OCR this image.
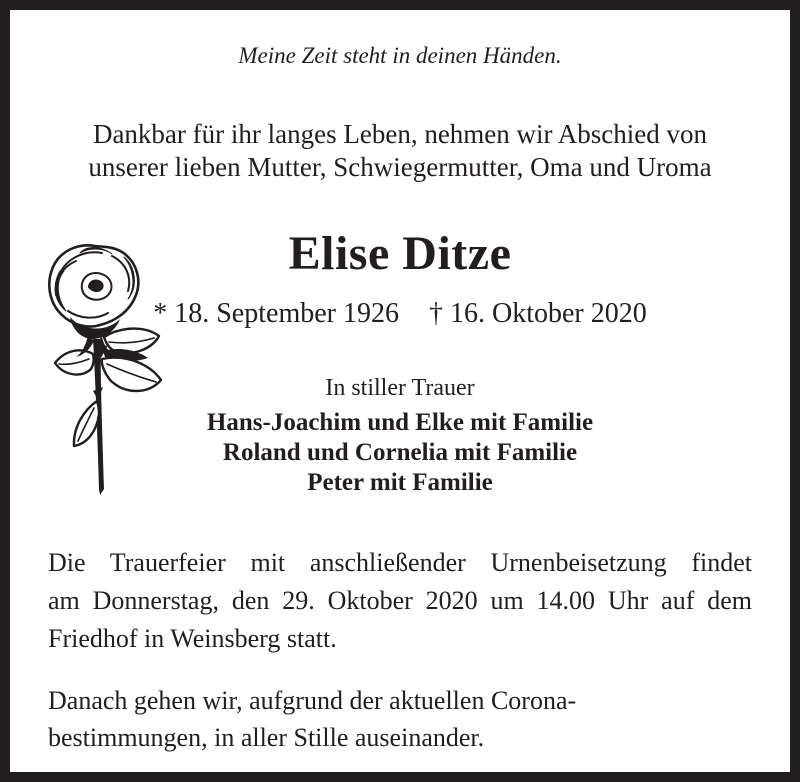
Meine Zeit steht in deinen Händen.
Dankbar für ihr langes Leben, nehmen wir Abschied von
unserer lieben Mutter, Schwiegermutter, Oma und Uroma
Elise Ditze
* 18. September 1926 † 16. Oktober 2020
In stiller Trauer
Hans-Joachim und Elke mit Familie
Roland und Cornelia mit Familie
Peter mit Familie
Die Trauerfeier mit anschließender Urnenbeisetzung findet
am Donnerstag, den 29. Oktober 2020 um 14.00 Uhr auf dem
Friedhof in Weinsberg statt.
Danach gehen wir, aufgrund der aktuellen Corona-
bestimmungen, in aller Stille auseinander.
